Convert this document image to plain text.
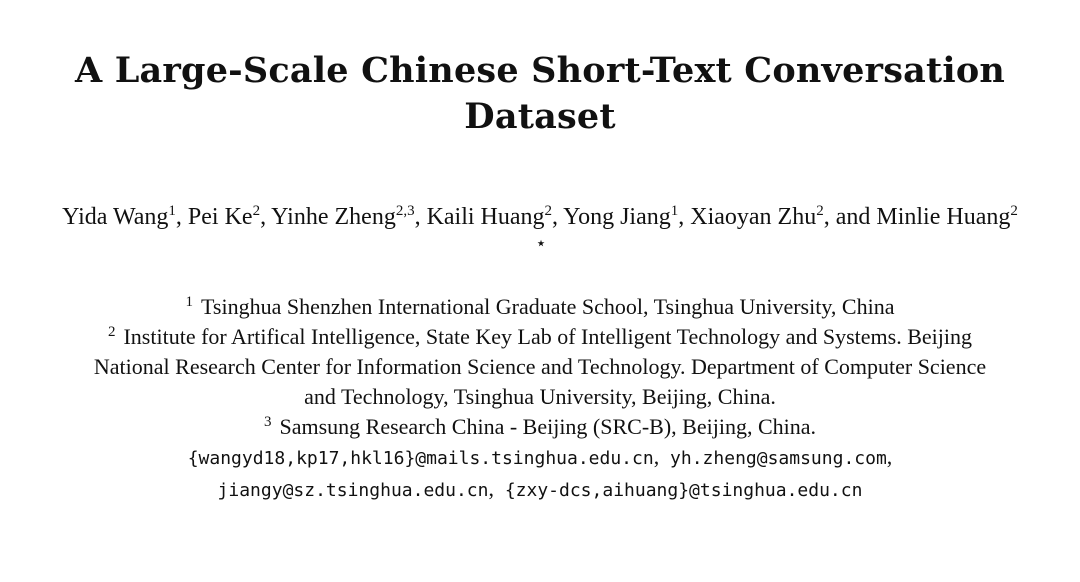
A Large-Scale Chinese Short-Text Conversation
Dataset

Yida Wang$^1$, Pei Ke$^2$, Yinhe Zheng$^{2,3}$, Kaili Huang$^2$, Yong Jiang$^1$, Xiaoyan Zhu$^2$, and Minlie Huang$^2$ ⋆

$^1$ Tsinghua Shenzhen International Graduate School, Tsinghua University, China

$^2$ Institute for Artifical Intelligence, State Key Lab of Intelligent Technology and Systems. Beijing National Research Center for Information Science and Technology. Department of Computer Science and Technology, Tsinghua University, Beijing, China.

$^3$ Samsung Research China - Beijing (SRC-B), Beijing, China.

{wangyd18,kp17,hkl16}@mails.tsinghua.edu.cn, yh.zheng@samsung.com,
jiangy@sz.tsinghua.edu.cn, {zxy-dcs,aihuang}@tsinghua.edu.cn
